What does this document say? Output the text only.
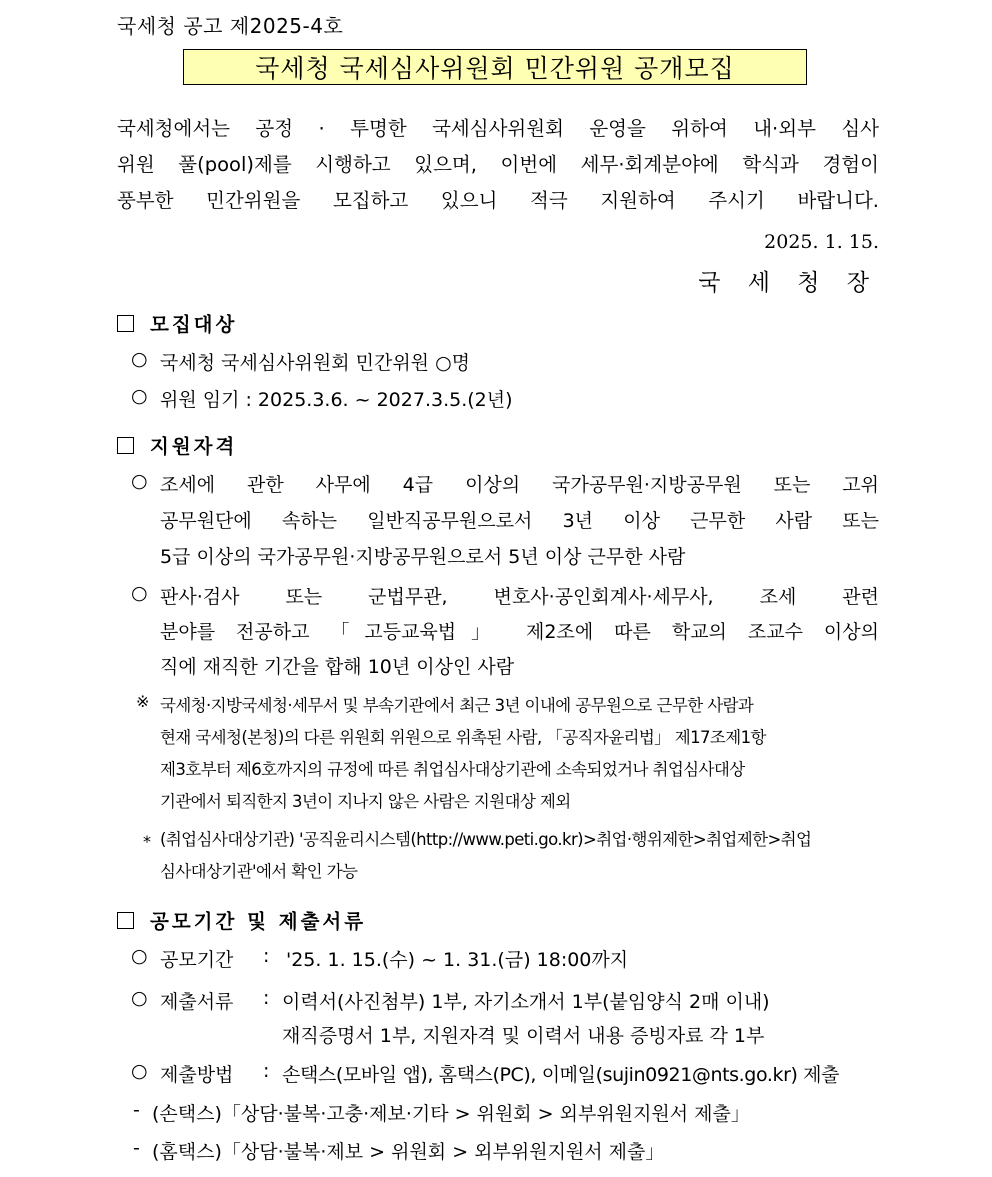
국세청 공고 제2025-4호
국세청 국세심사위원회 민간위원 공개모집
국세청에서는 공정 · 투명한 국세심사위원회 운영을 위하여 내·외부 심사
위원 풀(pool)제를 시행하고 있으며, 이번에 세무·회계분야에 학식과 경험이
풍부한 민간위원을 모집하고 있으니 적극 지원하여 주시기 바랍니다.
2025. 1. 15.
국 세 청 장
모집대상
○ 국세청 국세심사위원회 민간위원 ○명
○ 위원 임기 : 2025.3.6. ~ 2027.3.5.(2년)
지원자격
○ 조세에 관한 사무에 4급 이상의 국가공무원·지방공무원 또는 고위
공무원단에 속하는 일반직공무원으로서 3년 이상 근무한 사람 또는
5급 이상의 국가공무원·지방공무원으로서 5년 이상 근무한 사람
○ 판사·검사 또는 군법무관, 변호사·공인회계사·세무사, 조세 관련
분야를 전공하고 「고등교육법」 제2조에 따른 학교의 조교수 이상의
직에 재직한 기간을 합해 10년 이상인 사람
※ 국세청·지방국세청·세무서 및 부속기관에서 최근 3년 이내에 공무원으로 근무한 사람과
현재 국세청(본청)의 다른 위원회 위원으로 위촉된 사람, 「공직자윤리법」 제17조제1항
제3호부터 제6호까지의 규정에 따른 취업심사대상기관에 소속되었거나 취업심사대상
기관에서 퇴직한지 3년이 지나지 않은 사람은 지원대상 제외
* (취업심사대상기관) '공직윤리시스템(http://www.peti.go.kr)>취업·행위제한>취업제한>취업
심사대상기관'에서 확인 가능
공모기간 및 제출서류
○ 공모기간 : '25. 1. 15.(수) ~ 1. 31.(금) 18:00까지
○ 제출서류 : 이력서(사진첨부) 1부, 자기소개서 1부(붙임양식 2매 이내)
재직증명서 1부, 지원자격 및 이력서 내용 증빙자료 각 1부
○ 제출방법 : 손택스(모바일 앱), 홈택스(PC), 이메일(sujin0921@nts.go.kr) 제출
- (손택스)「상담·불복·고충·제보·기타 > 위원회 > 외부위원지원서 제출」
- (홈택스)「상담·불복·제보 > 위원회 > 외부위원지원서 제출」
